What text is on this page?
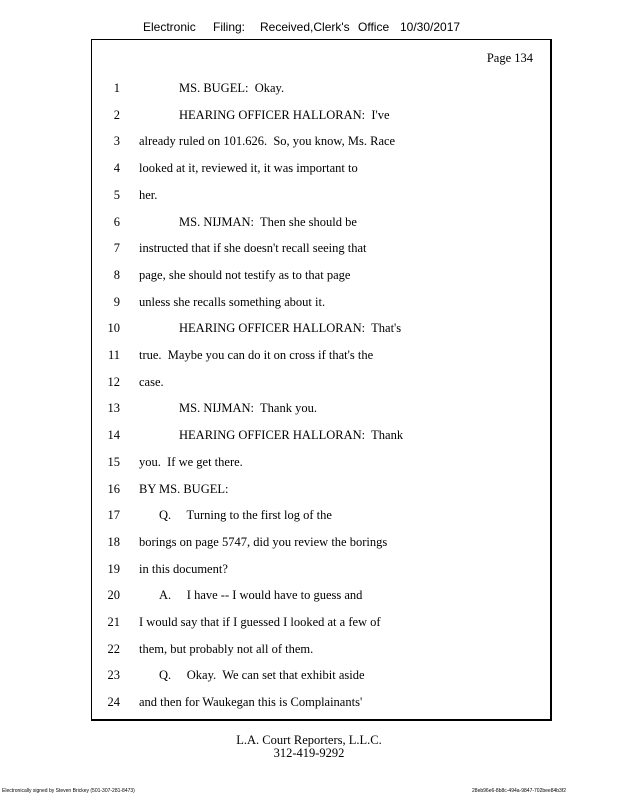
Electronic Filing: Received,Clerk's Office 10/30/2017
Page 134
1	MS. BUGEL:  Okay.
2	HEARING OFFICER HALLORAN:  I've
3 already ruled on 101.626.  So, you know, Ms. Race
4 looked at it, reviewed it, it was important to
5 her.
6	MS. NIJMAN:  Then she should be
7 instructed that if she doesn't recall seeing that
8 page, she should not testify as to that page
9 unless she recalls something about it.
10	HEARING OFFICER HALLORAN:  That's
11 true.  Maybe you can do it on cross if that's the
12 case.
13	MS. NIJMAN:  Thank you.
14	HEARING OFFICER HALLORAN:  Thank
15 you.  If we get there.
16 BY MS. BUGEL:
17	Q.     Turning to the first log of the
18 borings on page 5747, did you review the borings
19 in this document?
20	A.     I have -- I would have to guess and
21 I would say that if I guessed I looked at a few of
22 them, but probably not all of them.
23	Q.     Okay.  We can set that exhibit aside
24 and then for Waukegan this is Complainants'
L.A. Court Reporters, L.L.C.
312-419-9292
Electronically signed by Steven Brickey (501-307-281-8473)	28eb96e6-8b8c-494a-9847-702bee84b3f2
